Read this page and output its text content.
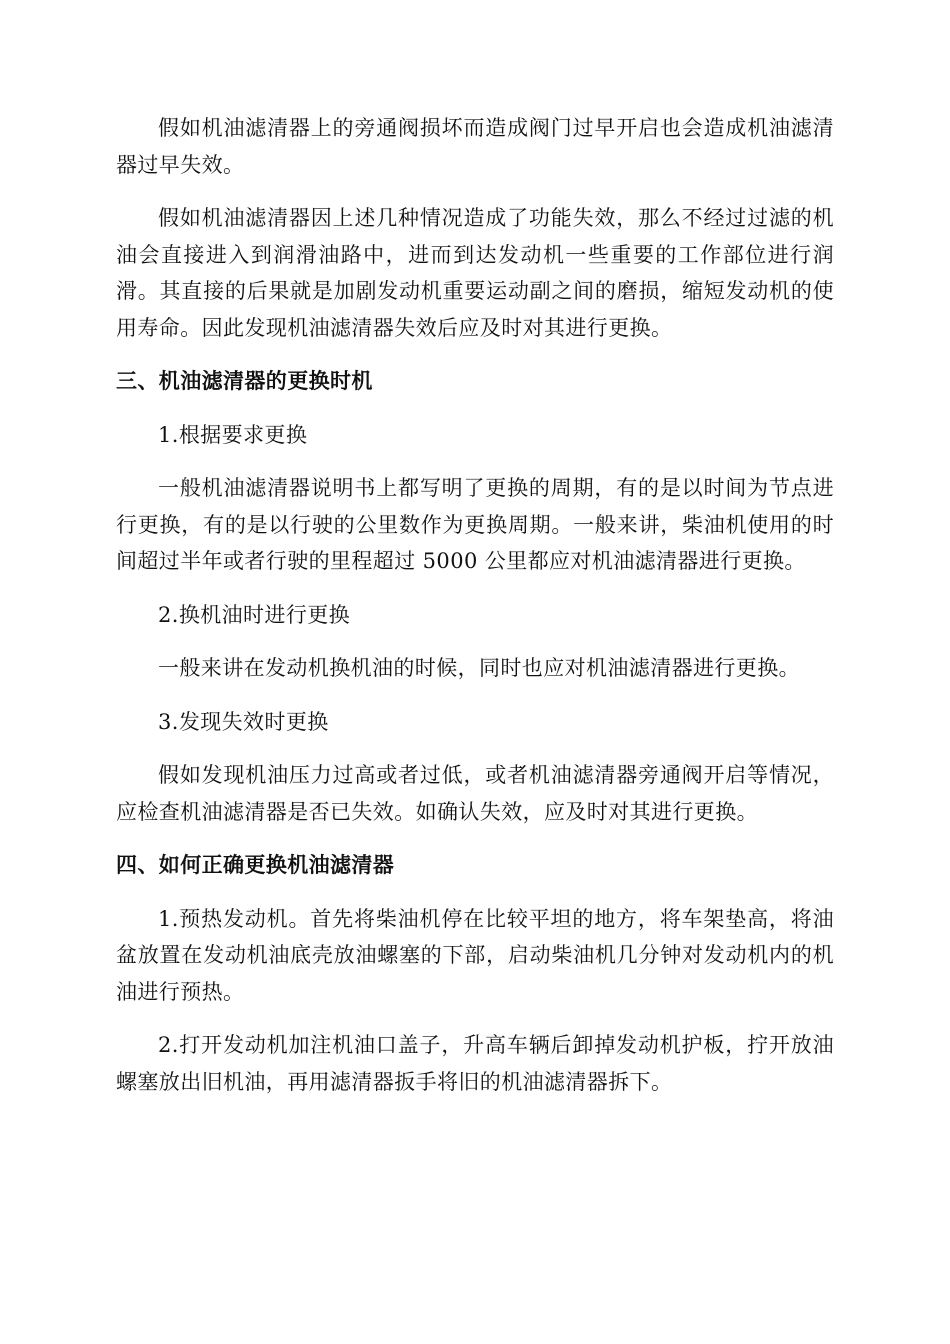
假如机油滤清器上的旁通阀损坏而造成阀门过早开启也会造成机油滤清器过早失效。

假如机油滤清器因上述几种情况造成了功能失效，那么不经过过滤的机油会直接进入到润滑油路中，进而到达发动机一些重要的工作部位进行润滑。其直接的后果就是加剧发动机重要运动副之间的磨损，缩短发动机的使用寿命。因此发现机油滤清器失效后应及时对其进行更换。

三、机油滤清器的更换时机

1.根据要求更换

一般机油滤清器说明书上都写明了更换的周期，有的是以时间为节点进行更换，有的是以行驶的公里数作为更换周期。一般来讲，柴油机使用的时间超过半年或者行驶的里程超过 5000 公里都应对机油滤清器进行更换。

2.换机油时进行更换

一般来讲在发动机换机油的时候，同时也应对机油滤清器进行更换。

3.发现失效时更换

假如发现机油压力过高或者过低，或者机油滤清器旁通阀开启等情况，应检查机油滤清器是否已失效。如确认失效，应及时对其进行更换。

四、如何正确更换机油滤清器

1.预热发动机。首先将柴油机停在比较平坦的地方，将车架垫高，将油盆放置在发动机油底壳放油螺塞的下部，启动柴油机几分钟对发动机内的机油进行预热。

2.打开发动机加注机油口盖子，升高车辆后卸掉发动机护板，拧开放油螺塞放出旧机油，再用滤清器扳手将旧的机油滤清器拆下。
